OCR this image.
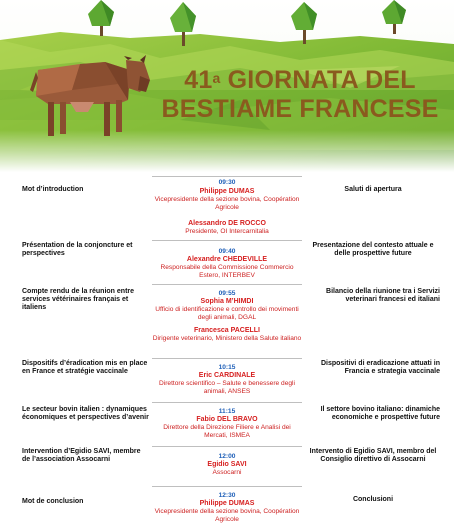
41$^a$ GIORNATA DEL
BESTIAME FRANCESE
09:30
Mot d’introduction	Saluti di apertura
Philippe DUMAS
Vicepresidente della sezione bovina, Coopération Agricole
Alessandro DE ROCCO
Presidente, OI Intercarnitalia
09:40
Présentation de la conjoncture et perspectives
Presentazione del contesto attuale e delle prospettive future
Alexandre CHEDEVILLE
Responsabile della Commissione Commercio Estero, INTERBEV
09:55
Compte rendu de la réunion entre services vétérinaires français et italiens
Bilancio della riunione tra i Servizi veterinari francesi ed italiani
Sophia M’HIMDI
Ufficio di identificazione e controllo dei movimenti degli animali, DGAL
Francesca PACELLI
Dirigente veterinario, Ministero della Salute italiano
10:15
Dispositifs d’éradication mis en place en France et stratégie vaccinale
Dispositivi di eradicazione attuati in Francia e strategia vaccinale
Eric CARDINALE
Direttore scientifico – Salute e benessere degli animali, ANSES
11:15
Le secteur bovin italien : dynamiques économiques et perspectives d’avenir
Il settore bovino italiano: dinamiche economiche e prospettive future
Fabio DEL BRAVO
Direttore della Direzione Filiere e Analisi dei Mercati, ISMEA
12:00
Intervention d’Egidio SAVI, membre de l’association Assocarni
Intervento di Egidio SAVI, membro del Consiglio direttivo di Assocarni
Egidio SAVI
Assocarni
12:30
Mot de conclusion	Conclusioni
Philippe DUMAS
Vicepresidente della sezione bovina, Coopération Agricole
